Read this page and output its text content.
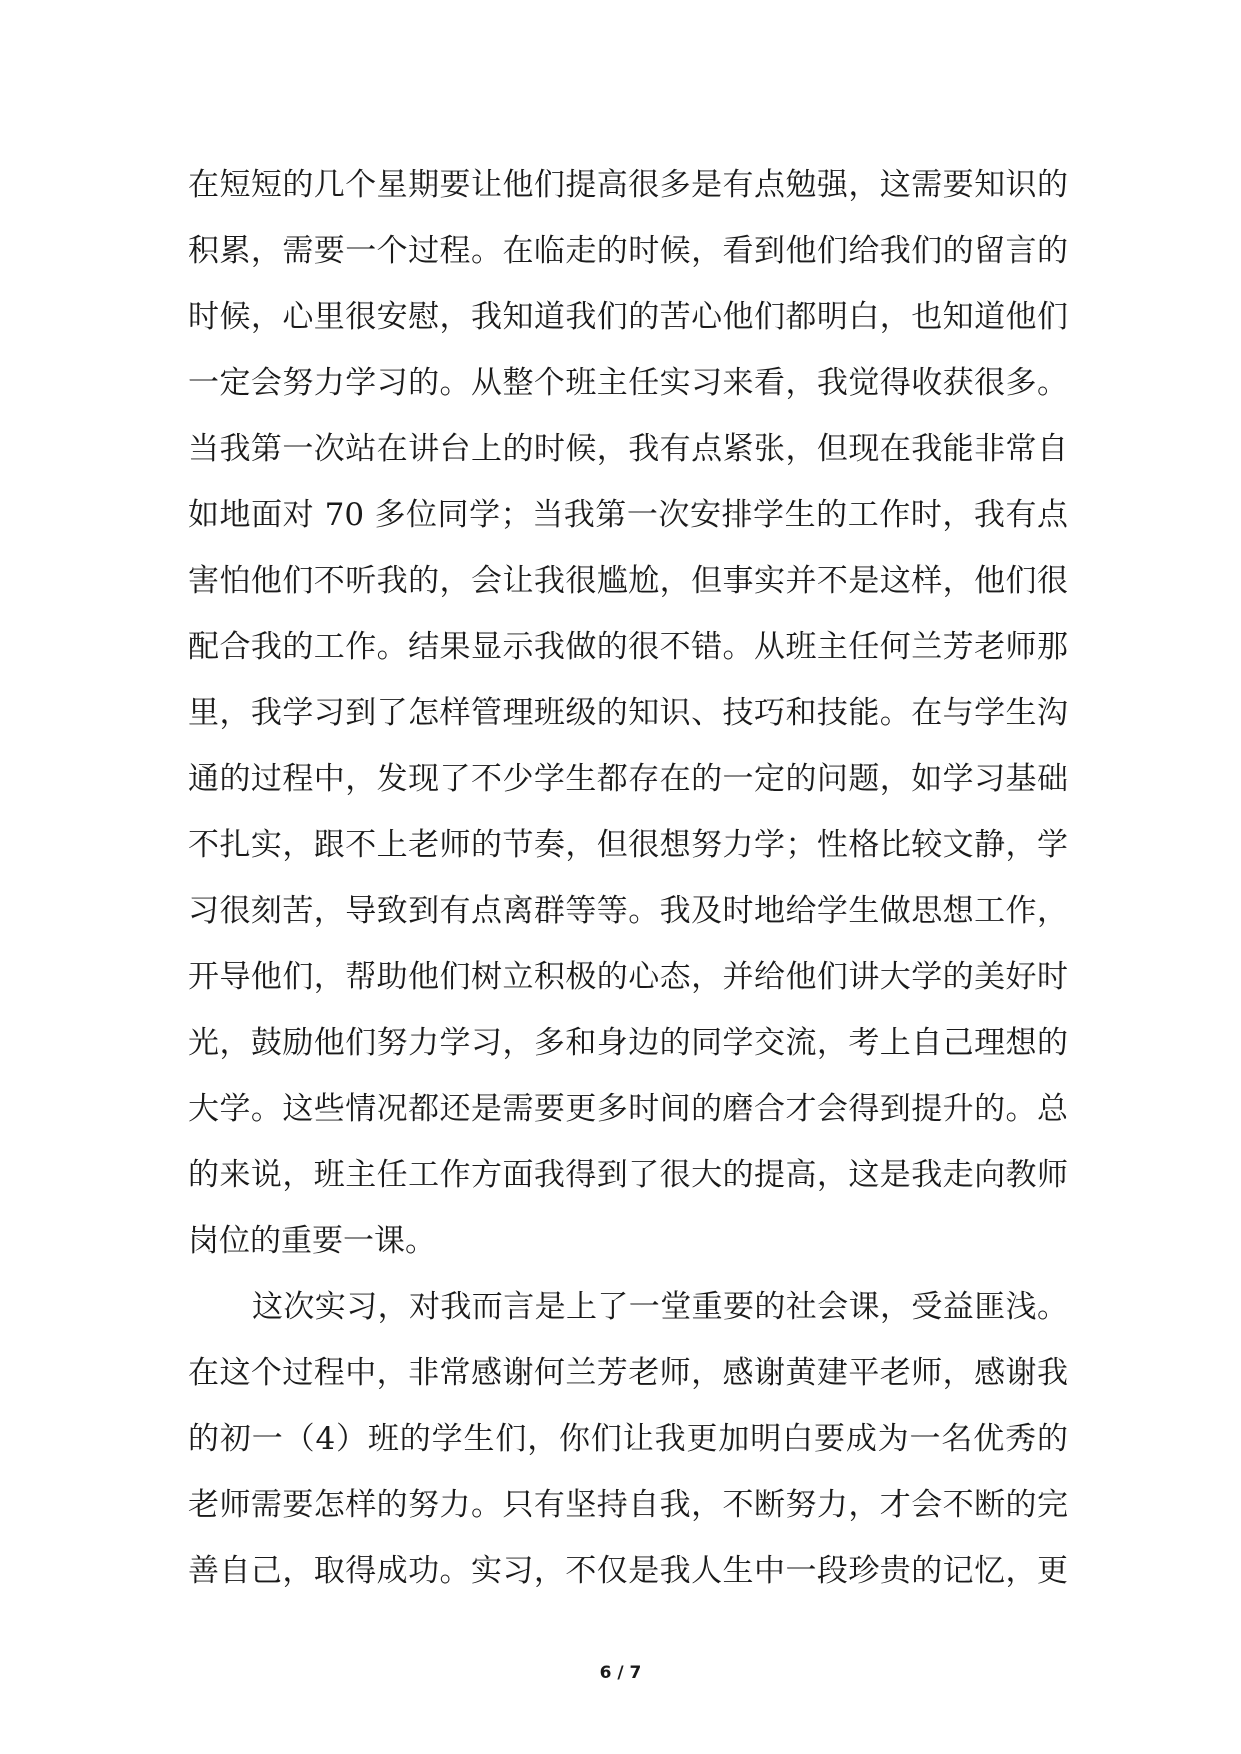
在短短的几个星期要让他们提高很多是有点勉强，这需要知识的
积累，需要一个过程。在临走的时候，看到他们给我们的留言的
时候，心里很安慰，我知道我们的苦心他们都明白，也知道他们
一定会努力学习的。从整个班主任实习来看，我觉得收获很多。
当我第一次站在讲台上的时候，我有点紧张，但现在我能非常自
如地面对 70 多位同学；当我第一次安排学生的工作时，我有点
害怕他们不听我的，会让我很尴尬，但事实并不是这样，他们很
配合我的工作。结果显示我做的很不错。从班主任何兰芳老师那
里，我学习到了怎样管理班级的知识、技巧和技能。在与学生沟
通的过程中，发现了不少学生都存在的一定的问题，如学习基础
不扎实，跟不上老师的节奏，但很想努力学；性格比较文静，学
习很刻苦，导致到有点离群等等。我及时地给学生做思想工作，
开导他们，帮助他们树立积极的心态，并给他们讲大学的美好时
光，鼓励他们努力学习，多和身边的同学交流，考上自己理想的
大学。这些情况都还是需要更多时间的磨合才会得到提升的。总
的来说，班主任工作方面我得到了很大的提高，这是我走向教师
岗位的重要一课。
这次实习，对我而言是上了一堂重要的社会课，受益匪浅。
在这个过程中，非常感谢何兰芳老师，感谢黄建平老师，感谢我
的初一（4）班的学生们，你们让我更加明白要成为一名优秀的
老师需要怎样的努力。只有坚持自我，不断努力，才会不断的完
善自己，取得成功。实习，不仅是我人生中一段珍贵的记忆，更
6 / 7
